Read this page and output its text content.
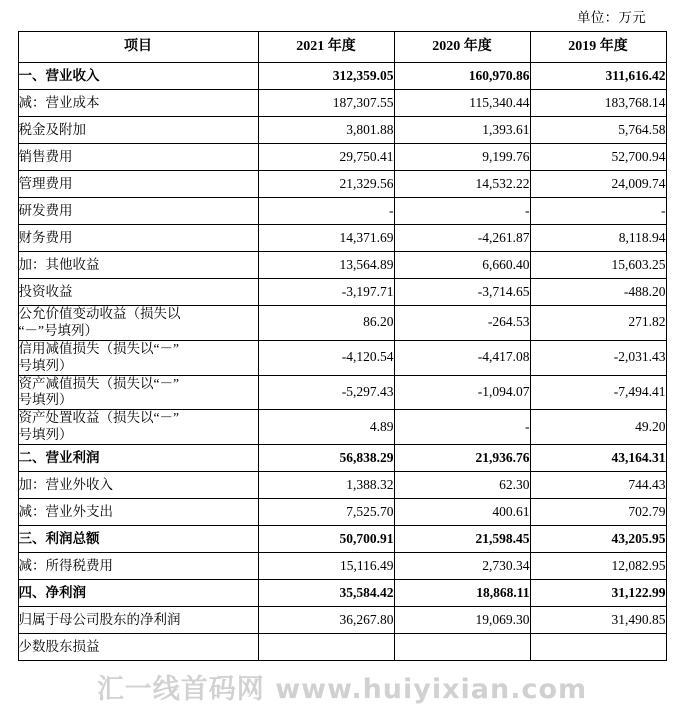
单位：万元
项目	2021 年度	2020 年度	2019 年度
一、营业收入	312,359.05	160,970.86	311,616.42
减：营业成本	187,307.55	115,340.44	183,768.14
税金及附加	3,801.88	1,393.61	5,764.58
销售费用	29,750.41	9,199.76	52,700.94
管理费用	21,329.56	14,532.22	24,009.74
研发费用	-	-	-
财务费用	14,371.69	-4,261.87	8,118.94
加：其他收益	13,564.89	6,660.40	15,603.25
投资收益	-3,197.71	-3,714.65	-488.20
公允价值变动收益（损失以
“－”号填列）	86.20	-264.53	271.82
信用减值损失（损失以“－”
号填列）	-4,120.54	-4,417.08	-2,031.43
资产减值损失（损失以“－”
号填列）	-5,297.43	-1,094.07	-7,494.41
资产处置收益（损失以“－”
号填列）	4.89	-	49.20
二、营业利润	56,838.29	21,936.76	43,164.31
加：营业外收入	1,388.32	62.30	744.43
减：营业外支出	7,525.70	400.61	702.79
三、利润总额	50,700.91	21,598.45	43,205.95
减：所得税费用	15,116.49	2,730.34	12,082.95
四、净利润	35,584.42	18,868.11	31,122.99
归属于母公司股东的净利润	36,267.80	19,069.30	31,490.85
少数股东损益			
汇一线首码网 www.huiyixian.com
